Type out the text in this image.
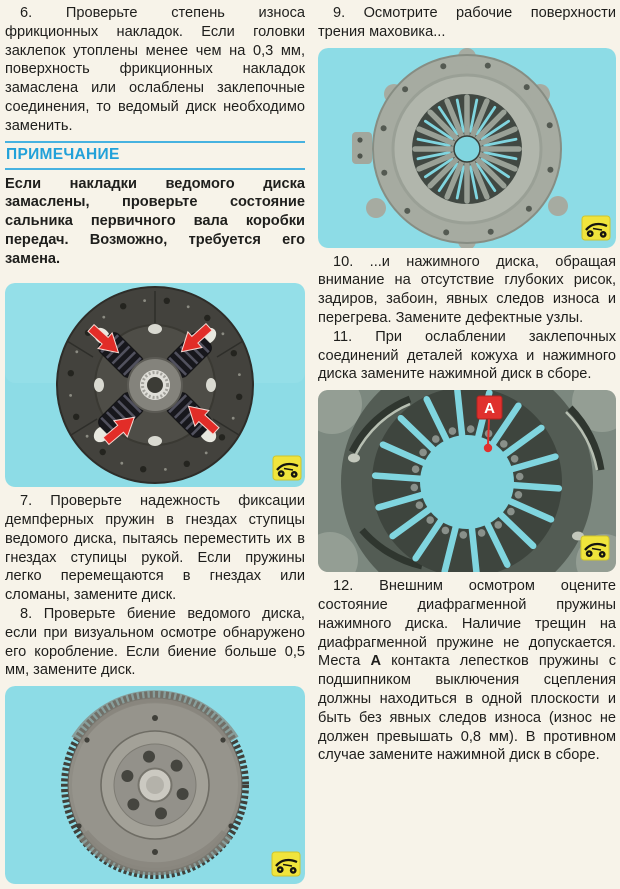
6. Проверьте степень износа фрикционных накладок. Если головки заклепок утоплены менее чем на 0,3 мм, поверхность фрикционных накладок замаслена или ослаблены заклепочные соединения, то ведомый диск необходимо заменить.

ПРИМЕЧАНИЕ

Если накладки ведомого диска замаслены, проверьте состояние сальника первичного вала коробки передач. Возможно, требуется его замена.

7. Проверьте надежность фиксации демпферных пружин в гнездах ступицы ведомого диска, пытаясь переместить их в гнездах ступицы рукой. Если пружины легко перемещаются в гнездах или сломаны, замените диск.

8. Проверьте биение ведомого диска, если при визуальном осмотре обнаружено его коробление. Если биение больше 0,5 мм, замените диск.

9. Осмотрите рабочие поверхности трения маховика...

10. ...и нажимного диска, обращая внимание на отсутствие глубоких рисок, задиров, забоин, явных следов износа и перегрева. Замените дефектные узлы.

11. При ослаблении заклепочных соединений деталей кожуха и нажимного диска замените нажимной диск в сборе.

А

12. Внешним осмотром оцените состояние диафрагменной пружины нажимного диска. Наличие трещин на диафрагменной пружине не допускается. Места А контакта лепестков пружины с подшипником выключения сцепления должны находиться в одной плоскости и быть без явных следов износа (износ не должен превышать 0,8 мм). В противном случае замените нажимной диск в сборе.
